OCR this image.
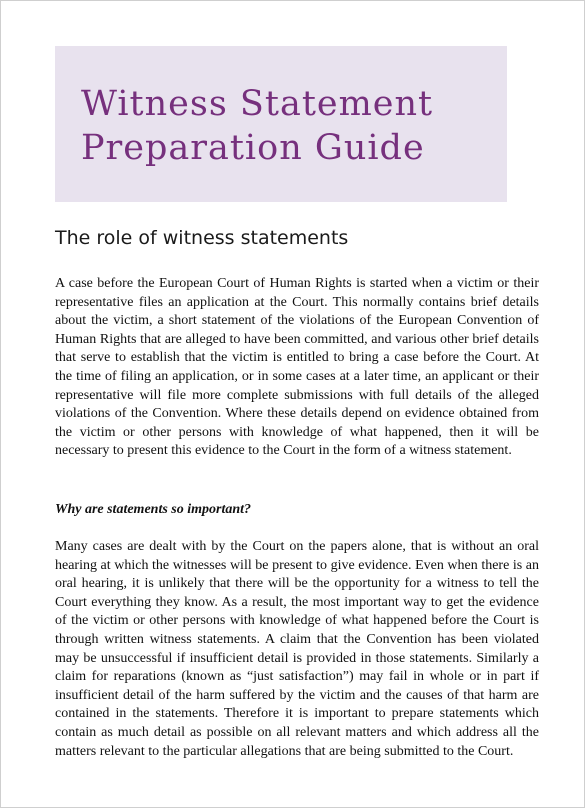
Witness Statement
Preparation Guide
The role of witness statements

A case before the European Court of Human Rights is started when a victim or their representative files an application at the Court. This normally contains brief details about the victim, a short statement of the violations of the European Convention of Human Rights that are alleged to have been committed, and various other brief details that serve to establish that the victim is entitled to bring a case before the Court. At the time of filing an application, or in some cases at a later time, an applicant or their representative will file more complete submissions with full details of the alleged violations of the Convention. Where these details depend on evidence obtained from the victim or other persons with knowledge of what happened, then it will be necessary to present this evidence to the Court in the form of a witness statement.

Why are statements so important?

Many cases are dealt with by the Court on the papers alone, that is without an oral hearing at which the witnesses will be present to give evidence. Even when there is an oral hearing, it is unlikely that there will be the opportunity for a witness to tell the Court everything they know. As a result, the most important way to get the evidence of the victim or other persons with knowledge of what happened before the Court is through written witness statements. A claim that the Convention has been violated may be unsuccessful if insufficient detail is provided in those statements. Similarly a claim for reparations (known as “just satisfaction”) may fail in whole or in part if insufficient detail of the harm suffered by the victim and the causes of that harm are contained in the statements. Therefore it is important to prepare statements which contain as much detail as possible on all relevant matters and which address all the matters relevant to the particular allegations that are being submitted to the Court.
